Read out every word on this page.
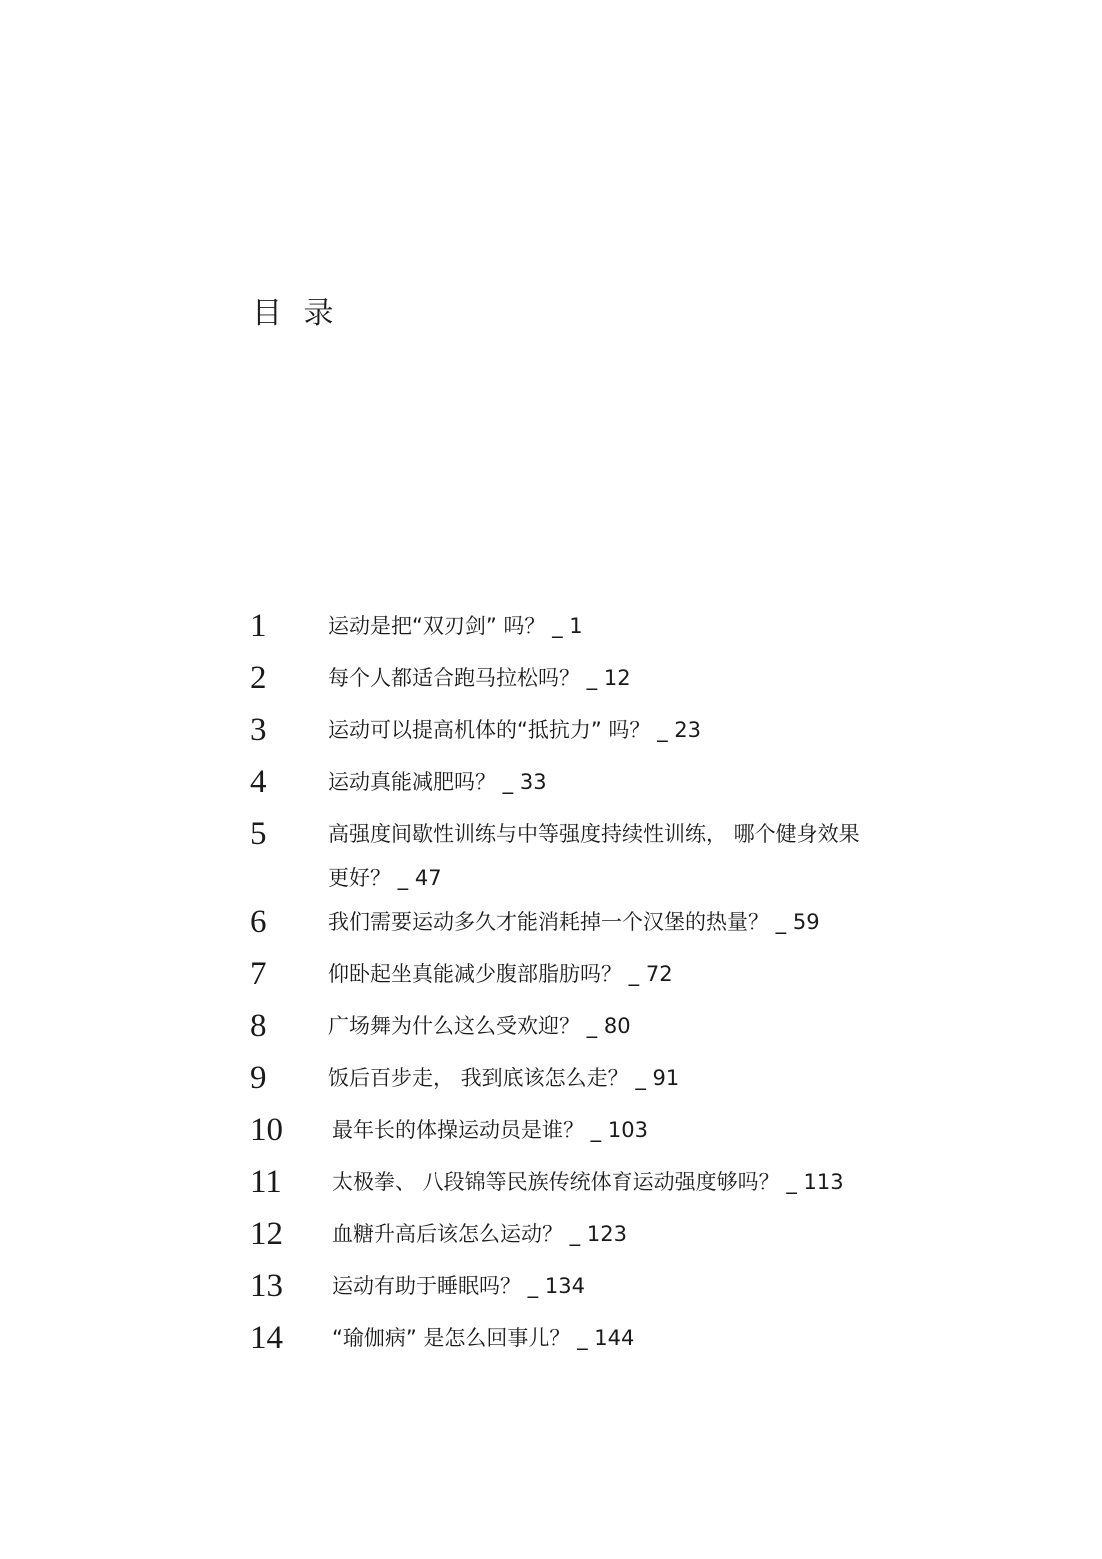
目 录
1	运动是把“双刃剑” 吗？ _ 1
2	每个人都适合跑马拉松吗？ _ 12
3	运动可以提高机体的“抵抗力” 吗？ _ 23
4	运动真能减肥吗？ _ 33
5	高强度间歇性训练与中等强度持续性训练， 哪个健身效果
更好？ _ 47
6	我们需要运动多久才能消耗掉一个汉堡的热量？ _ 59
7	仰卧起坐真能减少腹部脂肪吗？ _ 72
8	广场舞为什么这么受欢迎？ _ 80
9	饭后百步走， 我到底该怎么走？ _ 91
10 最年长的体操运动员是谁？ _ 103
11 太极拳、 八段锦等民族传统体育运动强度够吗？ _ 113
12 血糖升高后该怎么运动？ _ 123
13 运动有助于睡眠吗？ _ 134
14 “瑜伽病” 是怎么回事儿？ _ 144
